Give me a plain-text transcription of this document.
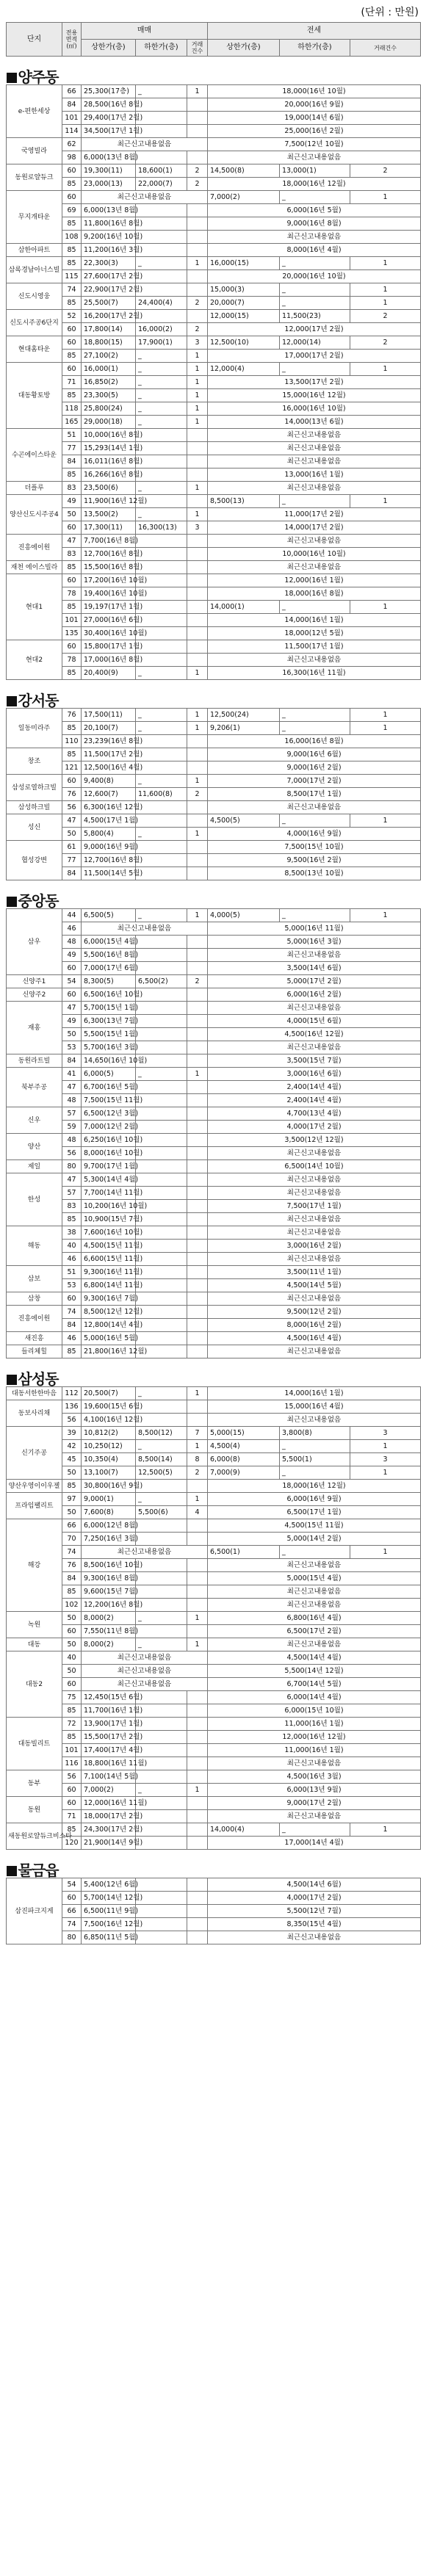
(단위 : 만원)
단지	전용면적(㎡)	매매			전세		
		상한가(층)	하한가(층)	거래건수	상한가(층)	하한가(층)	거래건수
양주동							
e-편한세상	66	25,300(17층)	_	1	18,000(16년 10월)		
	84	28,500(16년 8월)			20,000(16년 9월)		
	101	29,400(17년 2월)			19,000(14년 6월)		
	114	34,500(17년 1월)			25,000(16년 2월)		
국영빌라	62	최근신고내용없음			7,500(12년 10월)		
	98	6,000(13년 8월)			최근신고내용없음		
동원로얄듀크	60	19,300(11)	18,600(1)	2	14,500(8)	13,000(1)	2
	85	23,000(13)	22,000(7)	2	18,000(16년 12월)		
무지개타운	60	최근신고내용없음			7,000(2)	_	1
	69	6,000(13년 8월)			6,000(16년 5월)		
	85	11,800(16년 8월)			9,000(16년 8월)		
	108	9,200(16년 10월)			최근신고내용없음		
삼한아파트	85	11,200(16년 3월)			8,000(16년 4월)		
삼록경남아너스빌	85	22,300(3)	_	1	16,000(15)	_	1
	115	27,600(17년 2월)			20,000(16년 10월)		
신도시영웅	74	22,900(17년 2월)			15,000(3)	_	1
	85	25,500(7)	24,400(4)	2	20,000(7)	_	1
신도시주공6단지	52	16,200(17년 2월)			12,000(15)	11,500(23)	2
	60	17,800(14)	16,000(2)	2	12,000(17년 2월)		
현대홈타운	60	18,800(15)	17,900(1)	3	12,500(10)	12,000(14)	2
	85	27,100(2)	_	1	17,000(17년 2월)		
대동황토방	60	16,000(1)	_	1	12,000(4)	_	1
	71	16,850(2)	_	1	13,500(17년 2월)		
	85	23,300(5)	_	1	15,000(16년 12월)		
	118	25,800(24)	_	1	16,000(16년 10월)		
	165	29,000(18)	_	1	14,000(13년 6월)		
수곤에이스타운	51	10,000(16년 8월)			최근신고내용없음		
	77	15,293(14년 1월)			최근신고내용없음		
	84	16,011(16년 8월)			최근신고내용없음		
	85	16,266(16년 8월)			13,000(16년 1월)		
더플루	83	23,500(6)	_	1	최근신고내용없음		
양산신도시주공4	49	11,900(16년 12월)			8,500(13)	_	1
	50	13,500(2)	_	1	11,000(17년 2월)		
	60	17,300(11)	16,300(13)	3	14,000(17년 2월)		
진흥에이원	47	7,700(16년 8월)			최근신고내용없음		
	83	12,700(16년 8월)			10,000(16년 10월)		
재천 에이스빌라	85	15,500(16년 8월)			최근신고내용없음		
현대1	60	17,200(16년 10월)			12,000(16년 1월)		
	78	19,400(16년 10월)			18,000(16년 8월)		
	85	19,197(17년 1월)			14,000(1)	_	1
	101	27,000(16년 6월)			14,000(16년 1월)		
	135	30,400(16년 10월)			18,000(12년 5월)		
현대2	60	15,800(17년 1월)			11,500(17년 1월)		
	78	17,000(16년 8월)			최근신고내용없음		
	85	20,400(9)	_	1	16,300(16년 11월)		
강서동							
일동미라주	76	17,500(11)	_	1	12,500(24)	_	1
	85	20,100(7)	_	1	9,206(1)	_	1
	110	23,239(16년 8월)			16,000(16년 8월)		
창조	85	11,500(17년 2월)			9,000(16년 6월)		
	121	12,500(16년 4월)			9,000(16년 2월)		
삼성로열하크빌	60	9,400(8)	_	1	7,000(17년 2월)		
	76	12,600(7)	11,600(8)	2	8,500(17년 1월)		
삼성하크빌	56	6,300(16년 12월)			최근신고내용없음		
성신	47	4,500(17년 1월)			4,500(5)	_	1
	50	5,800(4)	_	1	4,000(16년 9월)		
협성강변	61	9,000(16년 9월)			7,500(15년 10월)		
	77	12,700(16년 8월)			9,500(16년 2월)		
	84	11,500(14년 5월)			8,500(13년 10월)		
중앙동							
삼우	44	6,500(5)	_	1	4,000(5)	_	1
	46	최근신고내용없음			5,000(16년 11월)		
	48	6,000(15년 4월)			5,000(16년 3월)		
	49	5,500(16년 8월)			최근신고내용없음		
	60	7,000(17년 6월)			3,500(14년 6월)		
신양주1	54	8,300(5)	6,500(2)	2	5,000(17년 2월)		
신양주2	60	6,500(16년 10월)			6,000(16년 2월)		
재홍	47	5,700(15년 1월)			최근신고내용없음		
	49	6,300(13년 7월)			4,000(15년 6월)		
	50	5,500(15년 1월)			4,500(16년 12월)		
	53	5,700(16년 3월)			최근신고내용없음		
동원라트빌	84	14,650(16년 10월)			3,500(15년 7월)		
북부주공	41	6,000(5)	_	1	3,000(16년 6월)		
	47	6,700(16년 5월)			2,400(14년 4월)		
	48	7,500(15년 11월)			2,400(14년 4월)		
신우	57	6,500(12년 3월)			4,700(13년 4월)		
	59	7,000(12년 2월)			4,000(17년 2월)		
양산	48	6,250(16년 10월)			3,500(12년 12월)		
	56	8,000(16년 10월)			최근신고내용없음		
제일	80	9,700(17년 1월)			6,500(14년 10월)		
한성	47	5,300(14년 4월)			최근신고내용없음		
	57	7,700(14년 11월)			최근신고내용없음		
	83	10,200(16년 10월)			7,500(17년 1월)		
	85	10,900(15년 7월)			최근신고내용없음		
해동	38	7,600(16년 10월)			최근신고내용없음		
	40	4,500(15년 11월)			3,000(16년 2월)		
	46	6,600(15년 11월)			최근신고내용없음		
삼보	51	9,300(16년 11월)			3,500(11년 1월)		
	53	6,800(14년 11월)			4,500(14년 5월)		
삼창	60	9,300(16년 7월)			최근신고내용없음		
진흥에이원	74	8,500(12년 12월)			9,500(12년 2월)		
	84	12,800(14년 4월)			8,000(16년 2월)		
새진흥	46	5,000(16년 5월)			4,500(16년 4월)		
들리체힐	85	21,800(16년 12월)			최근신고내용없음		
삼성동							
대동서한한마음	112	20,500(7)	_	1	14,000(16년 1월)		
동보사리채	136	19,600(15년 6월)			15,000(16년 4월)		
	56	4,100(16년 12월)			최근신고내용없음		
신기주공	39	10,812(2)	8,500(12)	7	5,000(15)	3,800(8)	3
	42	10,250(12)	_	1	4,500(4)	_	1
	45	10,350(4)	8,500(14)	8	6,000(8)	5,500(1)	3
	50	13,100(7)	12,500(5)	2	7,000(9)	_	1
양산우영이이우젤	85	30,800(16년 9월)			18,000(16년 12월)		
프라임팰리트	97	9,000(1)	_	1	6,000(16년 9월)		
	50	7,600(8)	5,500(6)	4	6,500(17년 1월)		
해강	66	6,000(12년 8월)			4,500(15년 11월)		
	70	7,250(16년 3월)			5,000(14년 2월)		
	74	최근신고내용없음			6,500(1)	_	1
	76	8,500(16년 10월)			최근신고내용없음		
	84	9,300(16년 8월)			5,000(15년 4월)		
	85	9,600(15년 7월)			최근신고내용없음		
	102	12,200(16년 8월)			최근신고내용없음		
녹원	50	8,000(2)	_	1	6,800(16년 4월)		
	60	7,550(11년 8월)			6,500(17년 2월)		
대동	50	8,000(2)	_	1	최근신고내용없음		
대동2	40	최근신고내용없음			4,500(14년 4월)		
	50	최근신고내용없음			5,500(14년 12월)		
	60	최근신고내용없음			6,700(14년 5월)		
	75	12,450(15년 6월)			6,000(14년 4월)		
	85	11,700(16년 1월)			6,000(15년 10월)		
대동빌리트	72	13,900(17년 1월)			11,000(16년 1월)		
	85	15,500(17년 2월)			12,000(16년 12월)		
	101	17,400(17년 4월)			11,000(16년 1월)		
	116	18,800(16년 11월)			최근신고내용없음		
동부	56	7,100(14년 5월)			4,500(16년 3월)		
	60	7,000(2)	_	1	6,000(13년 9월)		
동원	60	12,000(16년 11월)			9,000(17년 2월)		
	71	18,000(17년 2월)			최근신고내용없음		
새동원로얄듀크비스타	85	24,300(17년 2월)			14,000(4)	_	1
	120	21,900(14년 9월)			17,000(14년 4월)		
물금읍							
삼진파크지게	54	5,400(12년 6월)			4,500(14년 6월)		
	60	5,700(14년 12월)			4,000(17년 2월)		
	66	6,500(11년 9월)			5,500(12년 7월)		
	74	7,500(16년 12월)			8,350(15년 4월)		
	80	6,850(11년 5월)			최근신고내용없음		
